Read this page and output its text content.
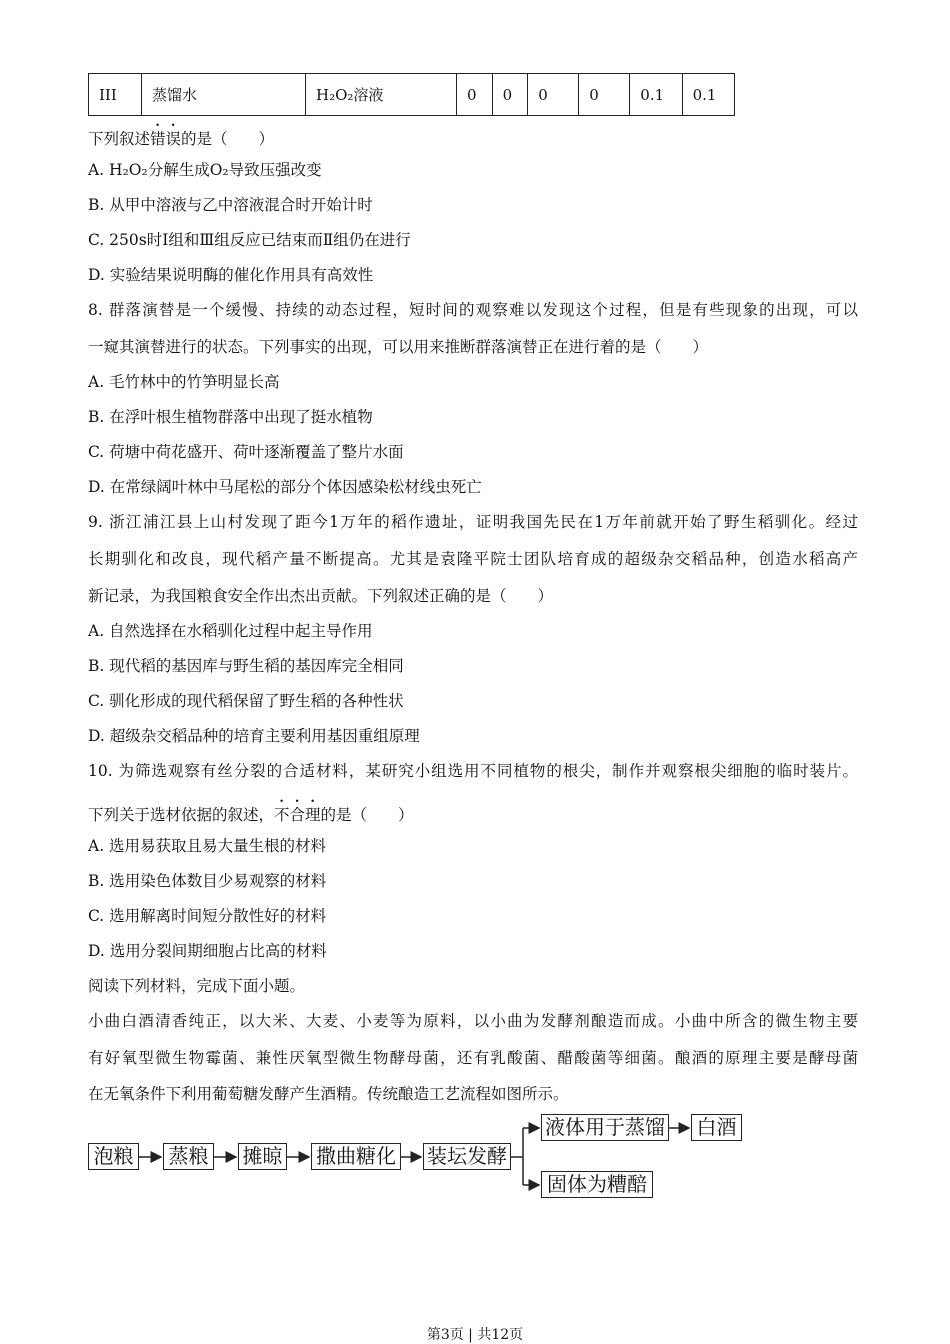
III	蒸馏水	H₂O₂溶液	0	0	0	0	0.1	0.1
下列叙述错误的是（　　）
A. H₂O₂分解生成O₂导致压强改变
B. 从甲中溶液与乙中溶液混合时开始计时
C. 250s时Ⅰ组和Ⅲ组反应已结束而Ⅱ组仍在进行
D. 实验结果说明酶的催化作用具有高效性
8. 群落演替是一个缓慢、持续的动态过程，短时间的观察难以发现这个过程，但是有些现象的出现，可以
一窥其演替进行的状态。下列事实的出现，可以用来推断群落演替正在进行着的是（　　）
A. 毛竹林中的竹笋明显长高
B. 在浮叶根生植物群落中出现了挺水植物
C. 荷塘中荷花盛开、荷叶逐渐覆盖了整片水面
D. 在常绿阔叶林中马尾松的部分个体因感染松材线虫死亡
9. 浙江浦江县上山村发现了距今1万年的稻作遗址，证明我国先民在1万年前就开始了野生稻驯化。经过
长期驯化和改良，现代稻产量不断提高。尤其是袁隆平院士团队培育成的超级杂交稻品种，创造水稻高产
新记录，为我国粮食安全作出杰出贡献。下列叙述正确的是（　　）
A. 自然选择在水稻驯化过程中起主导作用
B. 现代稻的基因库与野生稻的基因库完全相同
C. 驯化形成的现代稻保留了野生稻的各种性状
D. 超级杂交稻品种的培育主要利用基因重组原理
10. 为筛选观察有丝分裂的合适材料，某研究小组选用不同植物的根尖，制作并观察根尖细胞的临时装片。
下列关于选材依据的叙述，不合理的是（　　）
A. 选用易获取且易大量生根的材料
B. 选用染色体数目少易观察的材料
C. 选用解离时间短分散性好的材料
D. 选用分裂间期细胞占比高的材料
阅读下列材料，完成下面小题。
小曲白酒清香纯正，以大米、大麦、小麦等为原料，以小曲为发酵剂酿造而成。小曲中所含的微生物主要
有好氧型微生物霉菌、兼性厌氧型微生物酵母菌，还有乳酸菌、醋酸菌等细菌。酿酒的原理主要是酵母菌
在无氧条件下利用葡萄糖发酵产生酒精。传统酿造工艺流程如图所示。
泡粮 蒸粮 摊晾 撒曲糖化 装坛发酵
液体用于蒸馏 白酒
固体为糟醅
第3页 | 共12页
